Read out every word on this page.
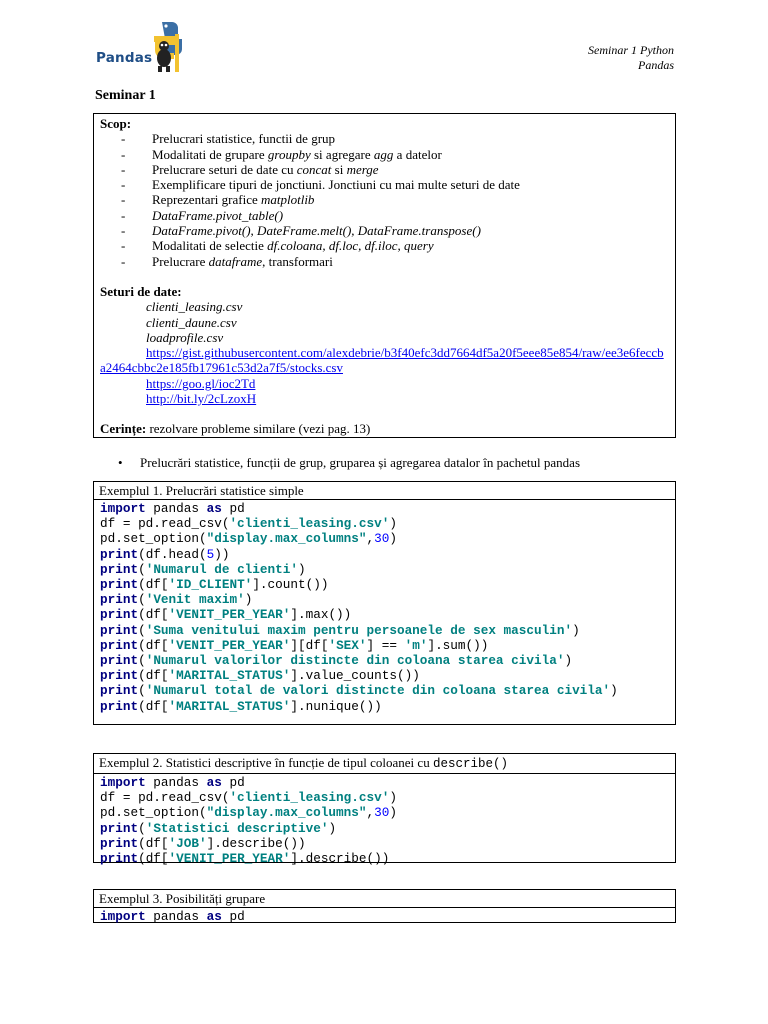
Pandas	Seminar 1 Python
Pandas
Seminar 1
Scop:
- Prelucrari statistice, functii de grup
- Modalitati de grupare groupby si agregare agg a datelor
- Prelucrare seturi de date cu concat si merge
- Exemplificare tipuri de jonctiuni. Jonctiuni cu mai multe seturi de date
- Reprezentari grafice matplotlib
- DataFrame.pivot_table()
- DataFrame.pivot(), DateFrame.melt(), DataFrame.transpose()
- Modalitati de selectie df.coloana, df.loc, df.iloc, query
- Prelucrare dataframe, transformari
Seturi de date:
clienti_leasing.csv
clienti_daune.csv
loadprofile.csv
https://gist.githubusercontent.com/alexdebrie/b3f40efc3dd7664df5a20f5eee85e854/raw/ee3e6feccba2464cbbc2e185fb17961c53d2a7f5/stocks.csv
https://goo.gl/ioc2Td
http://bit.ly/2cLzoxH
Cerințe: rezolvare probleme similare (vezi pag. 13)
• Prelucrări statistice, funcții de grup, gruparea și agregarea datalor în pachetul pandas
Exemplul 1. Prelucrări statistice simple
import pandas as pd
df = pd.read_csv('clienti_leasing.csv')
pd.set_option("display.max_columns",30)
print(df.head(5))
print('Numarul de clienti')
print(df['ID_CLIENT'].count())
print('Venit maxim')
print(df['VENIT_PER_YEAR'].max())
print('Suma venitului maxim pentru persoanele de sex masculin')
print(df['VENIT_PER_YEAR'][df['SEX'] == 'm'].sum())
print('Numarul valorilor distincte din coloana starea civila')
print(df['MARITAL_STATUS'].value_counts())
print('Numarul total de valori distincte din coloana starea civila')
print(df['MARITAL_STATUS'].nunique())
Exemplul 2. Statistici descriptive în funcție de tipul coloanei cu describe()
import pandas as pd
df = pd.read_csv('clienti_leasing.csv')
pd.set_option("display.max_columns",30)
print('Statistici descriptive')
print(df['JOB'].describe())
print(df['VENIT_PER_YEAR'].describe())
Exemplul 3. Posibilități grupare
import pandas as pd
